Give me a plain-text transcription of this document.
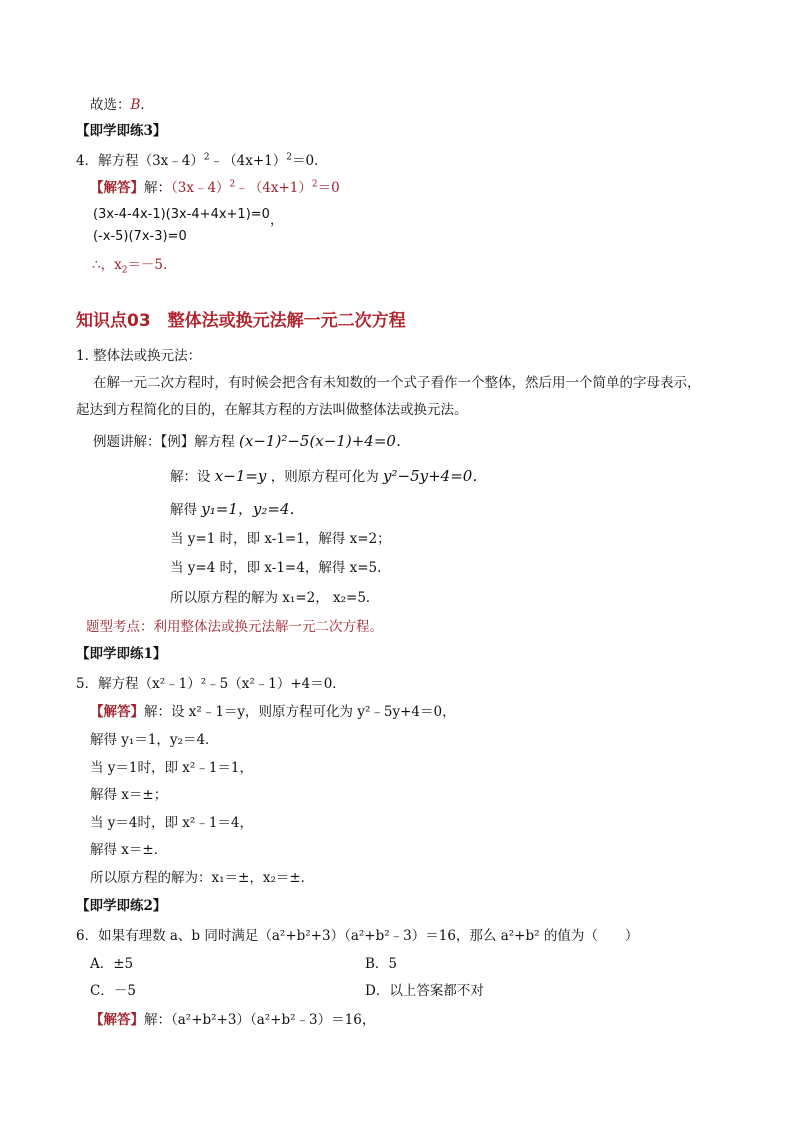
故选：B．
【即学即练3】
4．解方程$(3x﹣4)^2﹣(4x+1)^2=0$．
【解答】解：$(3x﹣4)^2﹣(4x+1)^2=0$
(3x-4-4x-1)(3x-4+4x+1)=0，
(-x-5)(7x-3)=0
∴，$x_2=-5$．
知识点03　整体法或换元法解一元二次方程
1. 整体法或换元法：
在解一元二次方程时，有时候会把含有未知数的一个式子看作一个整体，然后用一个简单的字母表示，
起达到方程简化的目的，在解其方程的方法叫做整体法或换元法。
例题讲解：【例】解方程 (x−1)²−5(x−1)+4=0．
解：设 x−1=y ，则原方程可化为 y²−5y+4=0．
解得 y₁=1，y₂=4．
当 y=1 时，即 x-1=1，解得 x=2；
当 y=4 时，即 x-1=4，解得 x=5．
所以原方程的解为 x₁=2， x₂=5．
题型考点：利用整体法或换元法解一元二次方程。
【即学即练1】
5．解方程（x²﹣1）²﹣5（x²﹣1）+4＝0．
【解答】解：设 x²﹣1＝y，则原方程可化为 y²﹣5y+4＝0，
解得 y₁＝1，y₂＝4．
当 y＝1时，即 x²﹣1＝1，
解得 x＝±；
当 y＝4时，即 x²﹣1＝4，
解得 x＝±．
所以原方程的解为：x₁＝±，x₂＝±．
【即学即练2】
6．如果有理数 a、b 同时满足（a²+b²+3）（a²+b²﹣3）＝16，那么 a²+b² 的值为（　　）
A．±5	B．5
C．－5	D．以上答案都不对
【解答】解：（a²+b²+3）（a²+b²﹣3）＝16，
